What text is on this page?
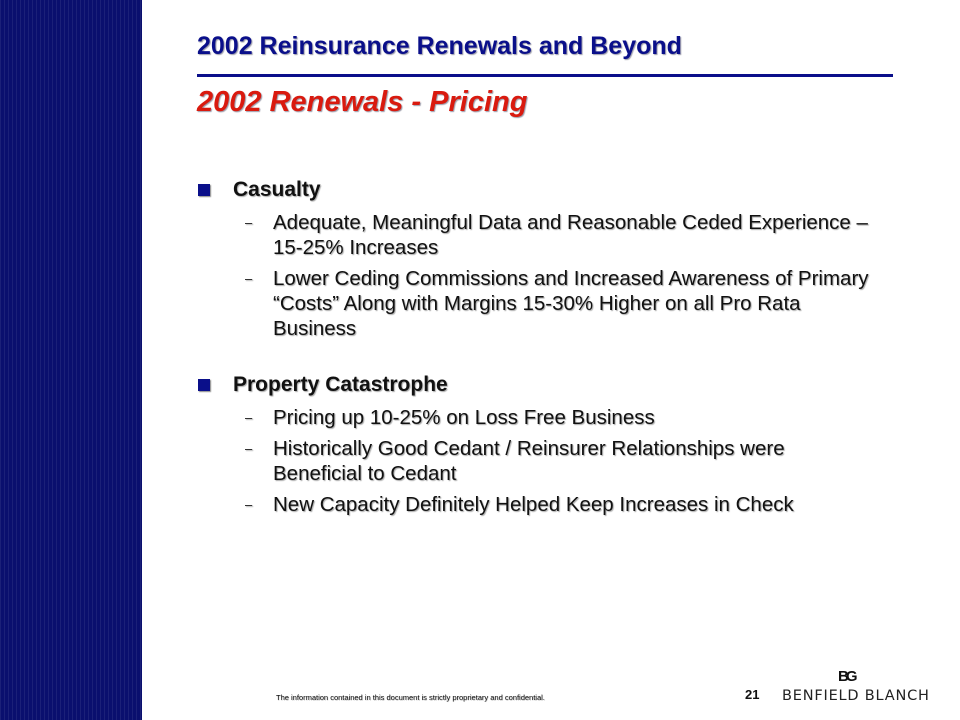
2002 Reinsurance Renewals and Beyond
2002 Renewals - Pricing
Casualty
– Adequate, Meaningful Data and Reasonable Ceded Experience – 15-25% Increases
– Lower Ceding Commissions and Increased Awareness of Primary “Costs” Along with Margins 15-30% Higher on all Pro Rata Business
Property Catastrophe
– Pricing up 10-25% on Loss Free Business
– Historically Good Cedant / Reinsurer Relationships were Beneficial to Cedant
– New Capacity Definitely Helped Keep Increases in Check
The information contained in this document is strictly proprietary and confidential.	21
BG
BENFIELD BLANCH
